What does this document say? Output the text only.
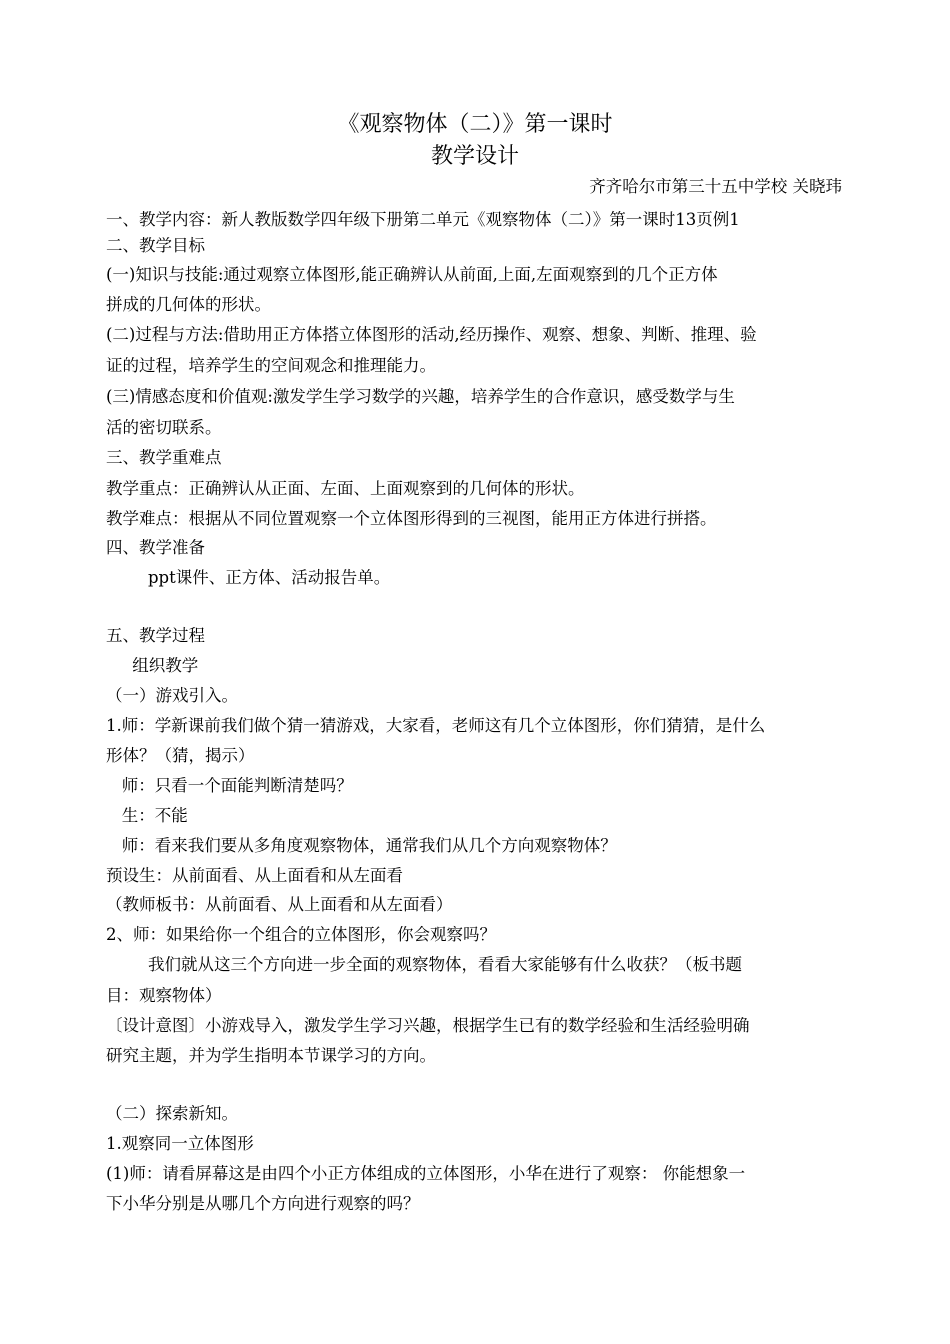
《观察物体（二）》第一课时
教学设计
齐齐哈尔市第三十五中学校 关晓玮
一、教学内容：新人教版数学四年级下册第二单元《观察物体（二）》第一课时13页例1
二、教学目标
(一)知识与技能:通过观察立体图形,能正确辨认从前面,上面,左面观察到的几个正方体
拼成的几何体的形状。
(二)过程与方法:借助用正方体搭立体图形的活动,经历操作、观察、想象、判断、推理、验
证的过程，培养学生的空间观念和推理能力。
(三)情感态度和价值观:激发学生学习数学的兴趣，培养学生的合作意识，感受数学与生
活的密切联系。
三、教学重难点
教学重点：正确辨认从正面、左面、上面观察到的几何体的形状。
教学难点：根据从不同位置观察一个立体图形得到的三视图，能用正方体进行拼搭。
四、教学准备
ppt课件、正方体、活动报告单。
五、教学过程
组织教学
（一）游戏引入。
1.师：学新课前我们做个猜一猜游戏，大家看，老师这有几个立体图形，你们猜猜，是什么
形体？（猜，揭示）
师：只看一个面能判断清楚吗？
生：不能
师：看来我们要从多角度观察物体，通常我们从几个方向观察物体？
预设生：从前面看、从上面看和从左面看
（教师板书：从前面看、从上面看和从左面看）
2、师：如果给你一个组合的立体图形，你会观察吗？
我们就从这三个方向进一步全面的观察物体，看看大家能够有什么收获？（板书题
目：观察物体）
〔设计意图〕小游戏导入，激发学生学习兴趣，根据学生已有的数学经验和生活经验明确
研究主题，并为学生指明本节课学习的方向。
（二）探索新知。
1.观察同一立体图形
(1)师：请看屏幕这是由四个小正方体组成的立体图形，小华在进行了观察： 你能想象一
下小华分别是从哪几个方向进行观察的吗？
